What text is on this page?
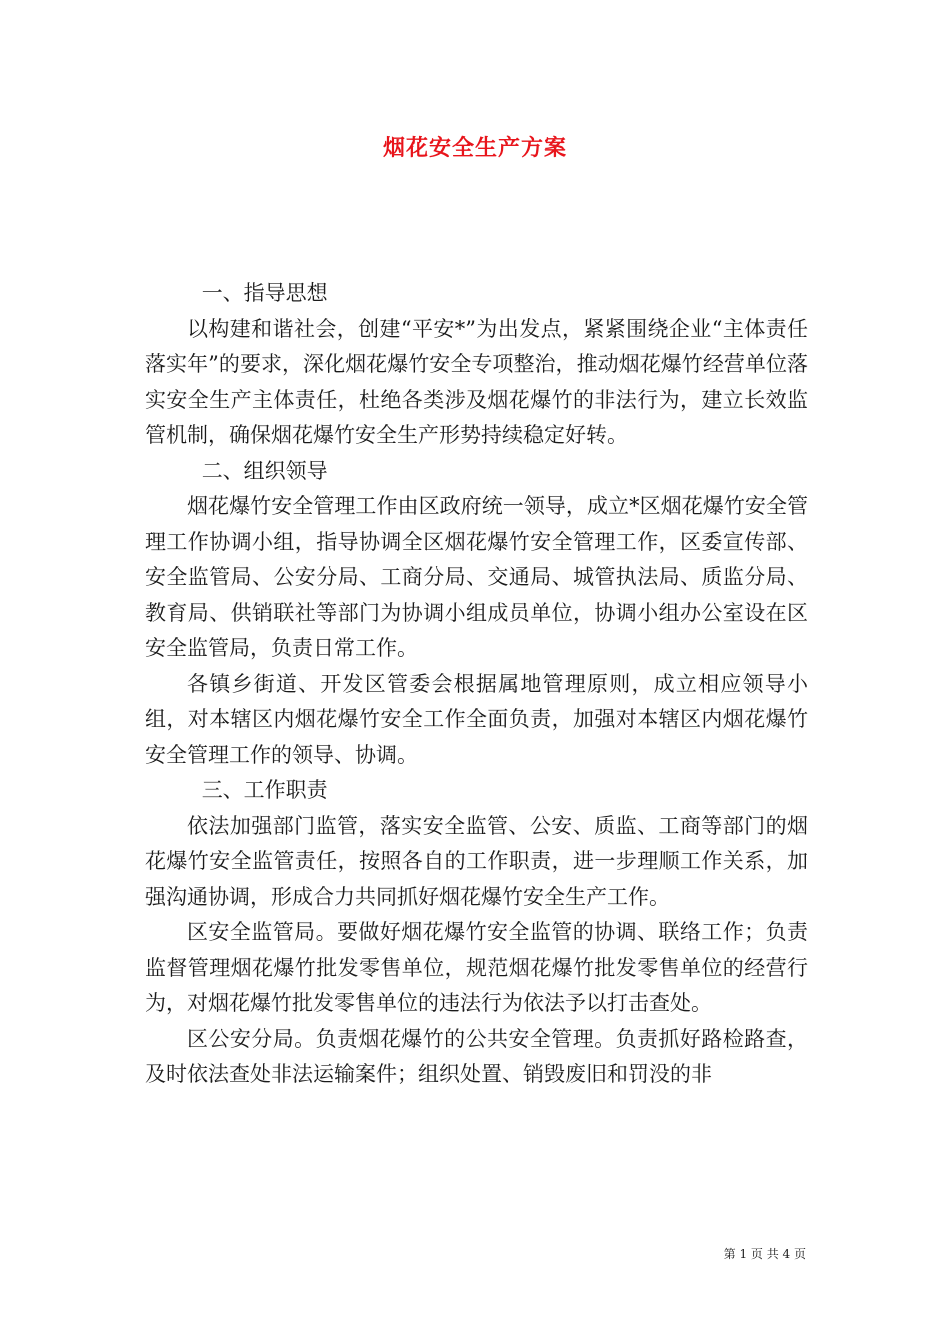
烟花安全生产方案

一、指导思想

以构建和谐社会，创建“平安*”为出发点，紧紧围绕企业“主体责任落实年”的要求，深化烟花爆竹安全专项整治，推动烟花爆竹经营单位落实安全生产主体责任，杜绝各类涉及烟花爆竹的非法行为，建立长效监管机制，确保烟花爆竹安全生产形势持续稳定好转。

二、组织领导

烟花爆竹安全管理工作由区政府统一领导，成立*区烟花爆竹安全管理工作协调小组，指导协调全区烟花爆竹安全管理工作，区委宣传部、安全监管局、公安分局、工商分局、交通局、城管执法局、质监分局、教育局、供销联社等部门为协调小组成员单位，协调小组办公室设在区安全监管局，负责日常工作。

各镇乡街道、开发区管委会根据属地管理原则，成立相应领导小组，对本辖区内烟花爆竹安全工作全面负责，加强对本辖区内烟花爆竹安全管理工作的领导、协调。

三、工作职责

依法加强部门监管，落实安全监管、公安、质监、工商等部门的烟花爆竹安全监管责任，按照各自的工作职责，进一步理顺工作关系，加强沟通协调，形成合力共同抓好烟花爆竹安全生产工作。

区安全监管局。要做好烟花爆竹安全监管的协调、联络工作；负责监督管理烟花爆竹批发零售单位，规范烟花爆竹批发零售单位的经营行为，对烟花爆竹批发零售单位的违法行为依法予以打击查处。

区公安分局。负责烟花爆竹的公共安全管理。负责抓好路检路查，及时依法查处非法运输案件；组织处置、销毁废旧和罚没的非

第 1 页 共 4 页
